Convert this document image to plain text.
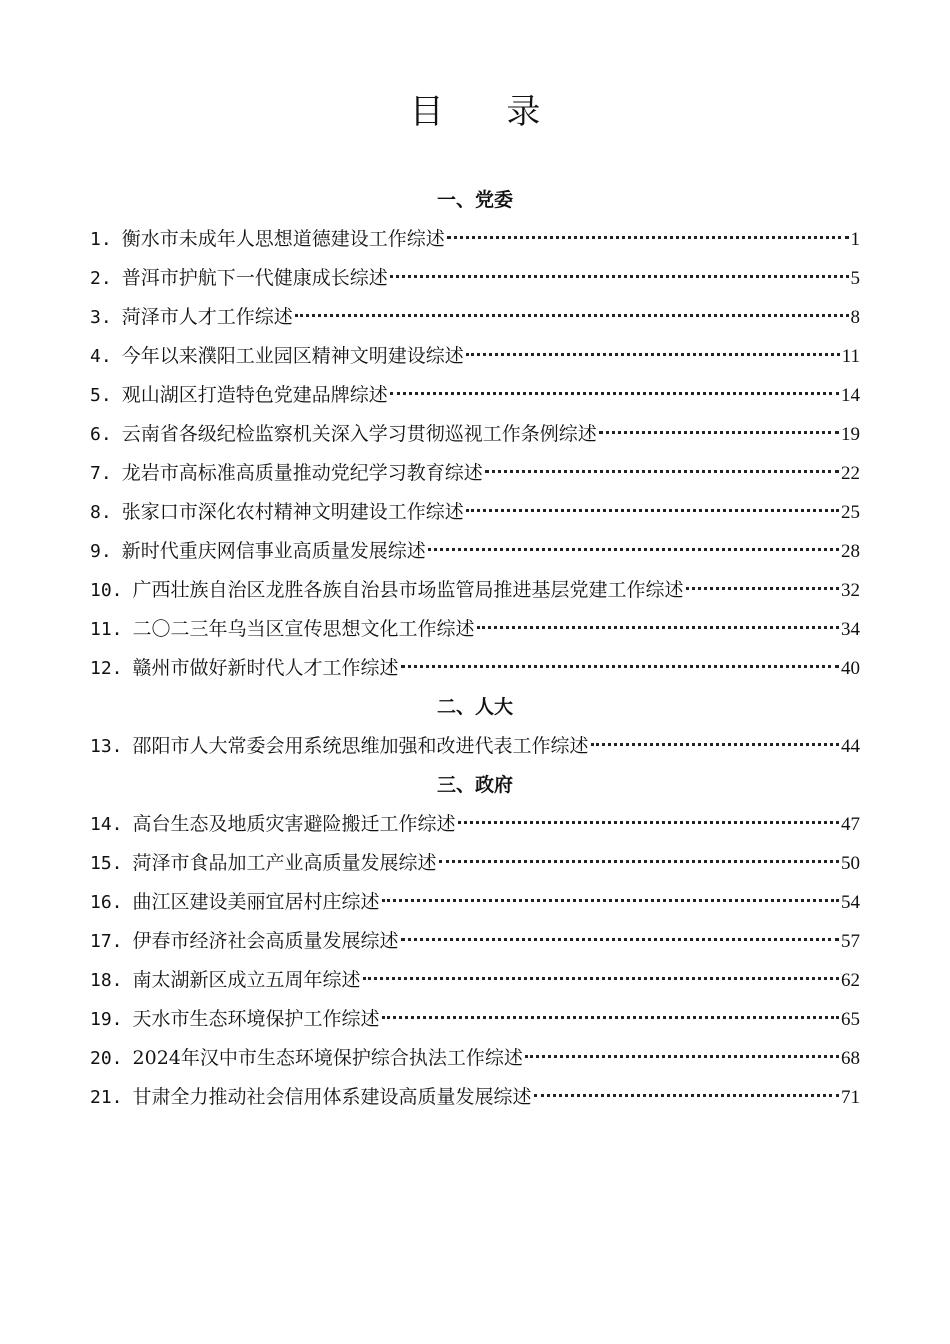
目 录
一、党委
1. 衡水市未成年人思想道德建设工作综述	1
2. 普洱市护航下一代健康成长综述	5
3. 菏泽市人才工作综述	8
4. 今年以来濮阳工业园区精神文明建设综述	11
5. 观山湖区打造特色党建品牌综述	14
6. 云南省各级纪检监察机关深入学习贯彻巡视工作条例综述	19
7. 龙岩市高标准高质量推动党纪学习教育综述	22
8. 张家口市深化农村精神文明建设工作综述	25
9. 新时代重庆网信事业高质量发展综述	28
10. 广西壮族自治区龙胜各族自治县市场监管局推进基层党建工作综述	32
11. 二〇二三年乌当区宣传思想文化工作综述	34
12. 赣州市做好新时代人才工作综述	40
二、人大
13. 邵阳市人大常委会用系统思维加强和改进代表工作综述	44
三、政府
14. 高台生态及地质灾害避险搬迁工作综述	47
15. 菏泽市食品加工产业高质量发展综述	50
16. 曲江区建设美丽宜居村庄综述	54
17. 伊春市经济社会高质量发展综述	57
18. 南太湖新区成立五周年综述	62
19. 天水市生态环境保护工作综述	65
20. 2024年汉中市生态环境保护综合执法工作综述	68
21. 甘肃全力推动社会信用体系建设高质量发展综述	71
